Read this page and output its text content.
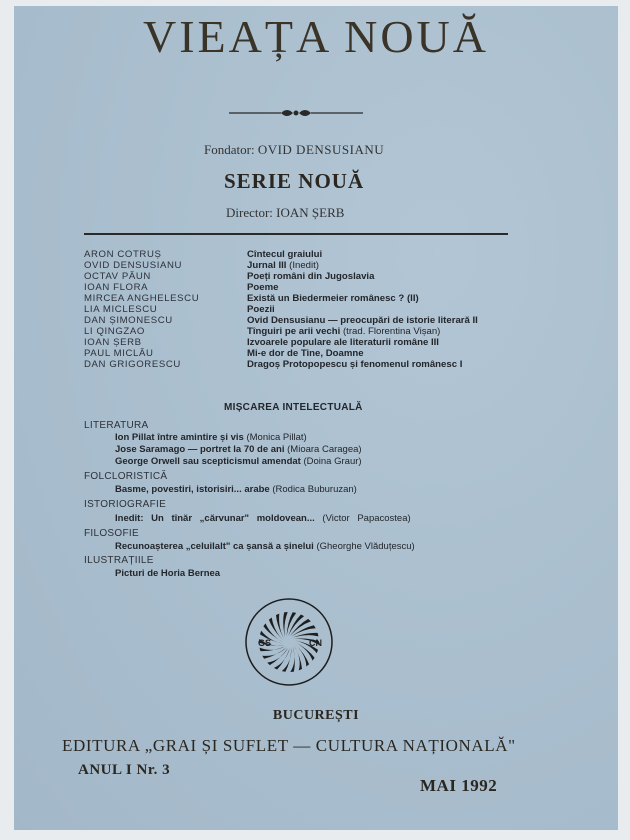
VIEAȚA NOUĂ
Fondator: OVID DENSUSIANU
SERIE NOUĂ
Director: IOAN ȘERB
ARON COTRUȘ
OVID DENSUSIANU
OCTAV PĂUN
IOAN FLORA
MIRCEA ANGHELESCU
LIA MICLESCU
DAN ȘIMONESCU
LI QINGZAO
IOAN ȘERB
PAUL MICLĂU
DAN GRIGORESCU
Cîntecul graiului
Jurnal III (Inedit)
Poeți români din Jugoslavia
Poeme
Există un Biedermeier românesc ? (II)
Poezii
Ovid Densusianu — preocupări de istorie literară II
Tînguiri pe arii vechi (trad. Florentina Vișan)
Izvoarele populare ale literaturii române III
Mi-e dor de Tine, Doamne
Dragoș Protopopescu și fenomenul românesc I
MIȘCAREA INTELECTUALĂ
LITERATURA
Ion Pillat între amintire și vis (Monica Pillat)
Jose Saramago — portret la 70 de ani (Mioara Caragea)
George Orwell sau scepticismul amendat (Doina Graur)
FOLCLORISTICĂ
Basme, povestiri, istorisiri... arabe (Rodica Buburuzan)
ISTORIOGRAFIE
Inedit: Un tînăr „cărvunar" moldovean... (Victor Papacostea)
FILOSOFIE
Recunoașterea „celuilalt" ca șansă a șinelui (Gheorghe Vlăduțescu)
ILUSTRAȚIILE
Picturi de Horia Bernea
GS	CN
BUCUREȘTI
EDITURA „GRAI ȘI SUFLET — CULTURA NAȚIONALĂ"
ANUL I Nr. 3
MAI 1992
